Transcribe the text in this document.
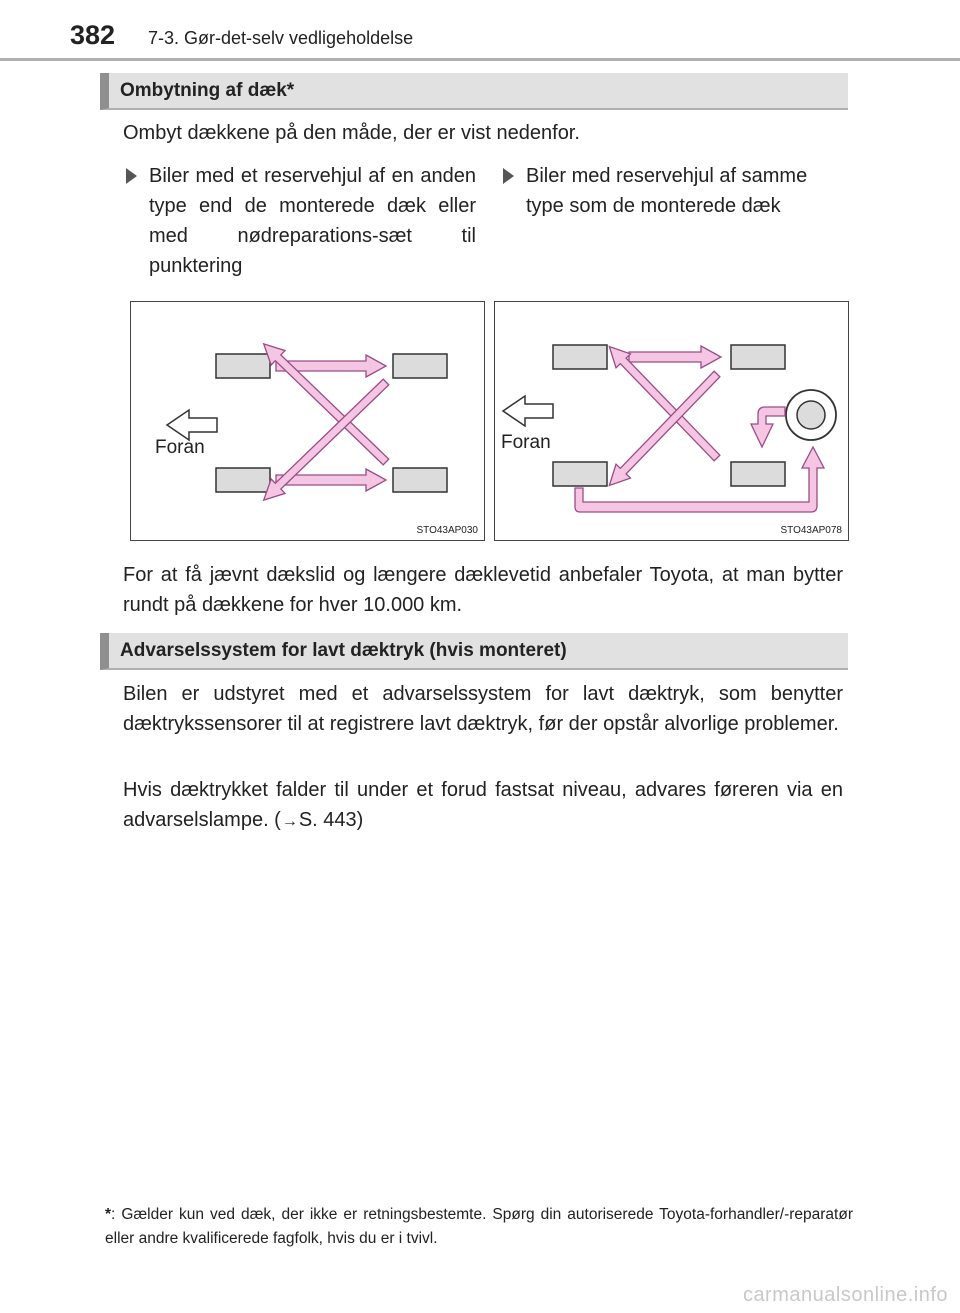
382 7-3. Gør-det-selv vedligeholdelse
Ombytning af dæk*
Ombyt dækkene på den måde, der er vist nedenfor.
Biler med et reservehjul af en anden type end de monterede dæk eller med nødreparations-sæt til punktering
Biler med reservehjul af samme type som de monterede dæk
Foran
STO43AP030
Foran
STO43AP078
For at få jævnt dækslid og længere dæklevetid anbefaler Toyota, at man bytter rundt på dækkene for hver 10.000 km.
Advarselssystem for lavt dæktryk (hvis monteret)
Bilen er udstyret med et advarselssystem for lavt dæktryk, som benytter dæktrykssensorer til at registrere lavt dæktryk, før der opstår alvorlige problemer.
Hvis dæktrykket falder til under et forud fastsat niveau, advares føreren via en advarselslampe. (→S. 443)
*: Gælder kun ved dæk, der ikke er retningsbestemte. Spørg din autoriserede Toyota-forhandler/-reparatør eller andre kvalificerede fagfolk, hvis du er i tvivl.
carmanualsonline.info
